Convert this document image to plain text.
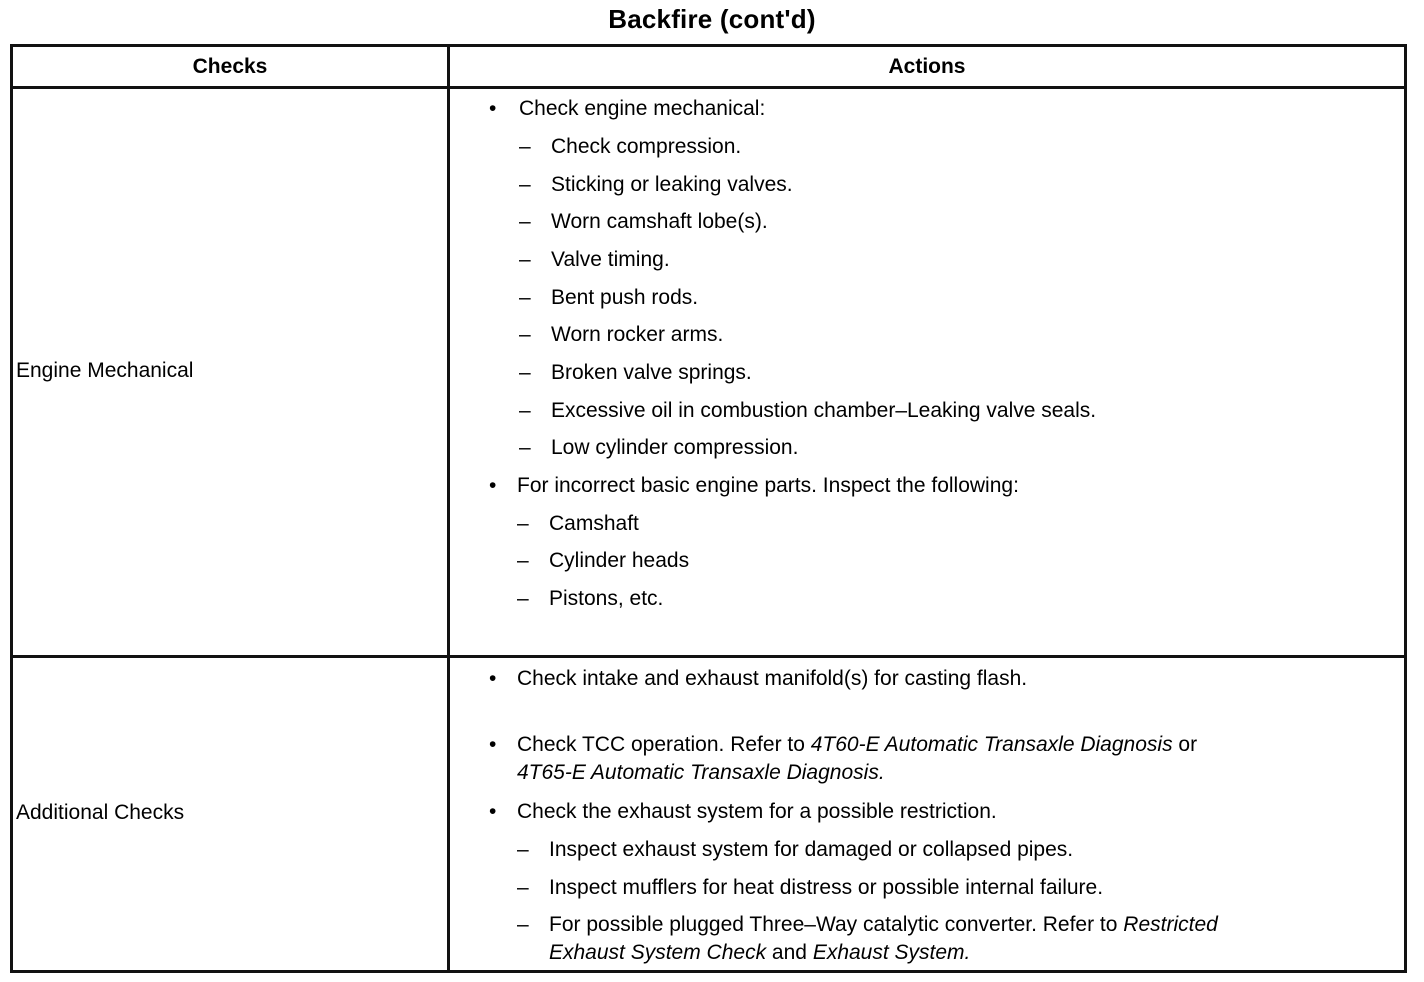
Backfire (cont'd)
Checks	Actions
Engine Mechanical
• Check engine mechanical:
– Check compression.
– Sticking or leaking valves.
– Worn camshaft lobe(s).
– Valve timing.
– Bent push rods.
– Worn rocker arms.
– Broken valve springs.
– Excessive oil in combustion chamber–Leaking valve seals.
– Low cylinder compression.
• For incorrect basic engine parts. Inspect the following:
– Camshaft
– Cylinder heads
– Pistons, etc.
Additional Checks
• Check intake and exhaust manifold(s) for casting flash.
• Check TCC operation. Refer to 4T60-E Automatic Transaxle Diagnosis or
4T65-E Automatic Transaxle Diagnosis.
• Check the exhaust system for a possible restriction.
– Inspect exhaust system for damaged or collapsed pipes.
– Inspect mufflers for heat distress or possible internal failure.
– For possible plugged Three–Way catalytic converter. Refer to Restricted
Exhaust System Check and Exhaust System.
